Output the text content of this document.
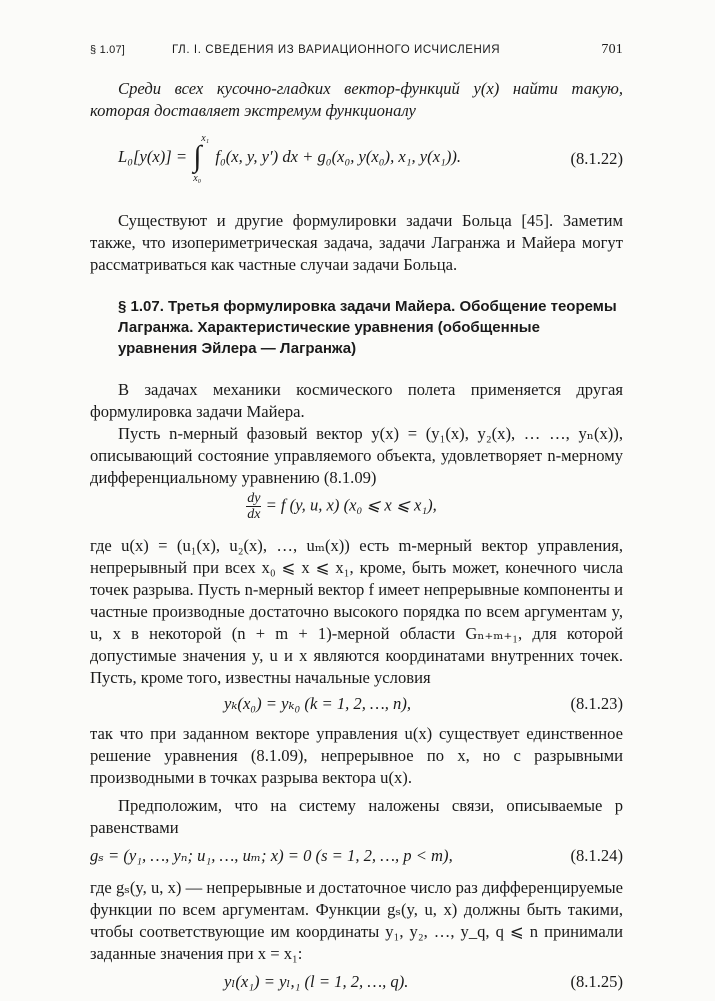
§ 1.07]	ГЛ. I. СВЕДЕНИЯ ИЗ ВАРИАЦИОННОГО ИСЧИСЛЕНИЯ	701

Среди всех кусочно-гладких вектор-функций y(x) найти такую, которая доставляет экстремум функционалу

L₀[y(x)] =
x₁
∫
x₀
f₀(x, y, y′) dx + g₀(x₀, y(x₀), x₁, y(x₁)).	(8.1.22)

Существуют и другие формулировки задачи Больца [45]. Заметим также, что изопериметрическая задача, задачи Лагранжа и Майера могут рассматриваться как частные случаи задачи Больца.

§ 1.07. Третья формулировка задачи Майера. Обобщение теоремы Лагранжа. Характеристические уравнения (обобщенные уравнения Эйлера — Лагранжа)

В задачах механики космического полета применяется другая формулировка задачи Майера.

Пусть n-мерный фазовый вектор y(x) = (y₁(x), y₂(x), … …, yₙ(x)), описывающий состояние управляемого объекта, удовлетворяет n-мерному дифференциальному уравнению (8.1.09)

$\frac{dy}{dx} = f$ (y, u, x) (x₀ ⩽ x ⩽ x₁),

где u(x) = (u₁(x), u₂(x), …, uₘ(x)) есть m-мерный вектор управления, непрерывный при всех x₀ ⩽ x ⩽ x₁, кроме, быть может, конечного числа точек разрыва. Пусть n-мерный вектор f имеет непрерывные компоненты и частные производные достаточно высокого порядка по всем аргументам y, u, x в некоторой (n + m + 1)-мерной области Gₙ₊ₘ₊₁, для которой допустимые значения y, u и x являются координатами внутренних точек. Пусть, кроме того, известны начальные условия

yₖ(x₀) = yₖ₀ (k = 1, 2, …, n),	(8.1.23)

так что при заданном векторе управления u(x) существует единственное решение уравнения (8.1.09), непрерывное по x, но с разрывными производными в точках разрыва вектора u(x).

Предположим, что на систему наложены связи, описываемые p равенствами

gₛ = (y₁, …, yₙ; u₁, …, uₘ; x) = 0 (s = 1, 2, …, p < m),	(8.1.24)

где gₛ(y, u, x) — непрерывные и достаточное число раз дифференцируемые функции по всем аргументам. Функции gₛ(y, u, x) должны быть такими, чтобы соответствующие им координаты y₁, y₂, …, y_q, q ⩽ n принимали заданные значения при x = x₁:

yₗ(x₁) = yₗ,₁ (l = 1, 2, …, q).	(8.1.25)
